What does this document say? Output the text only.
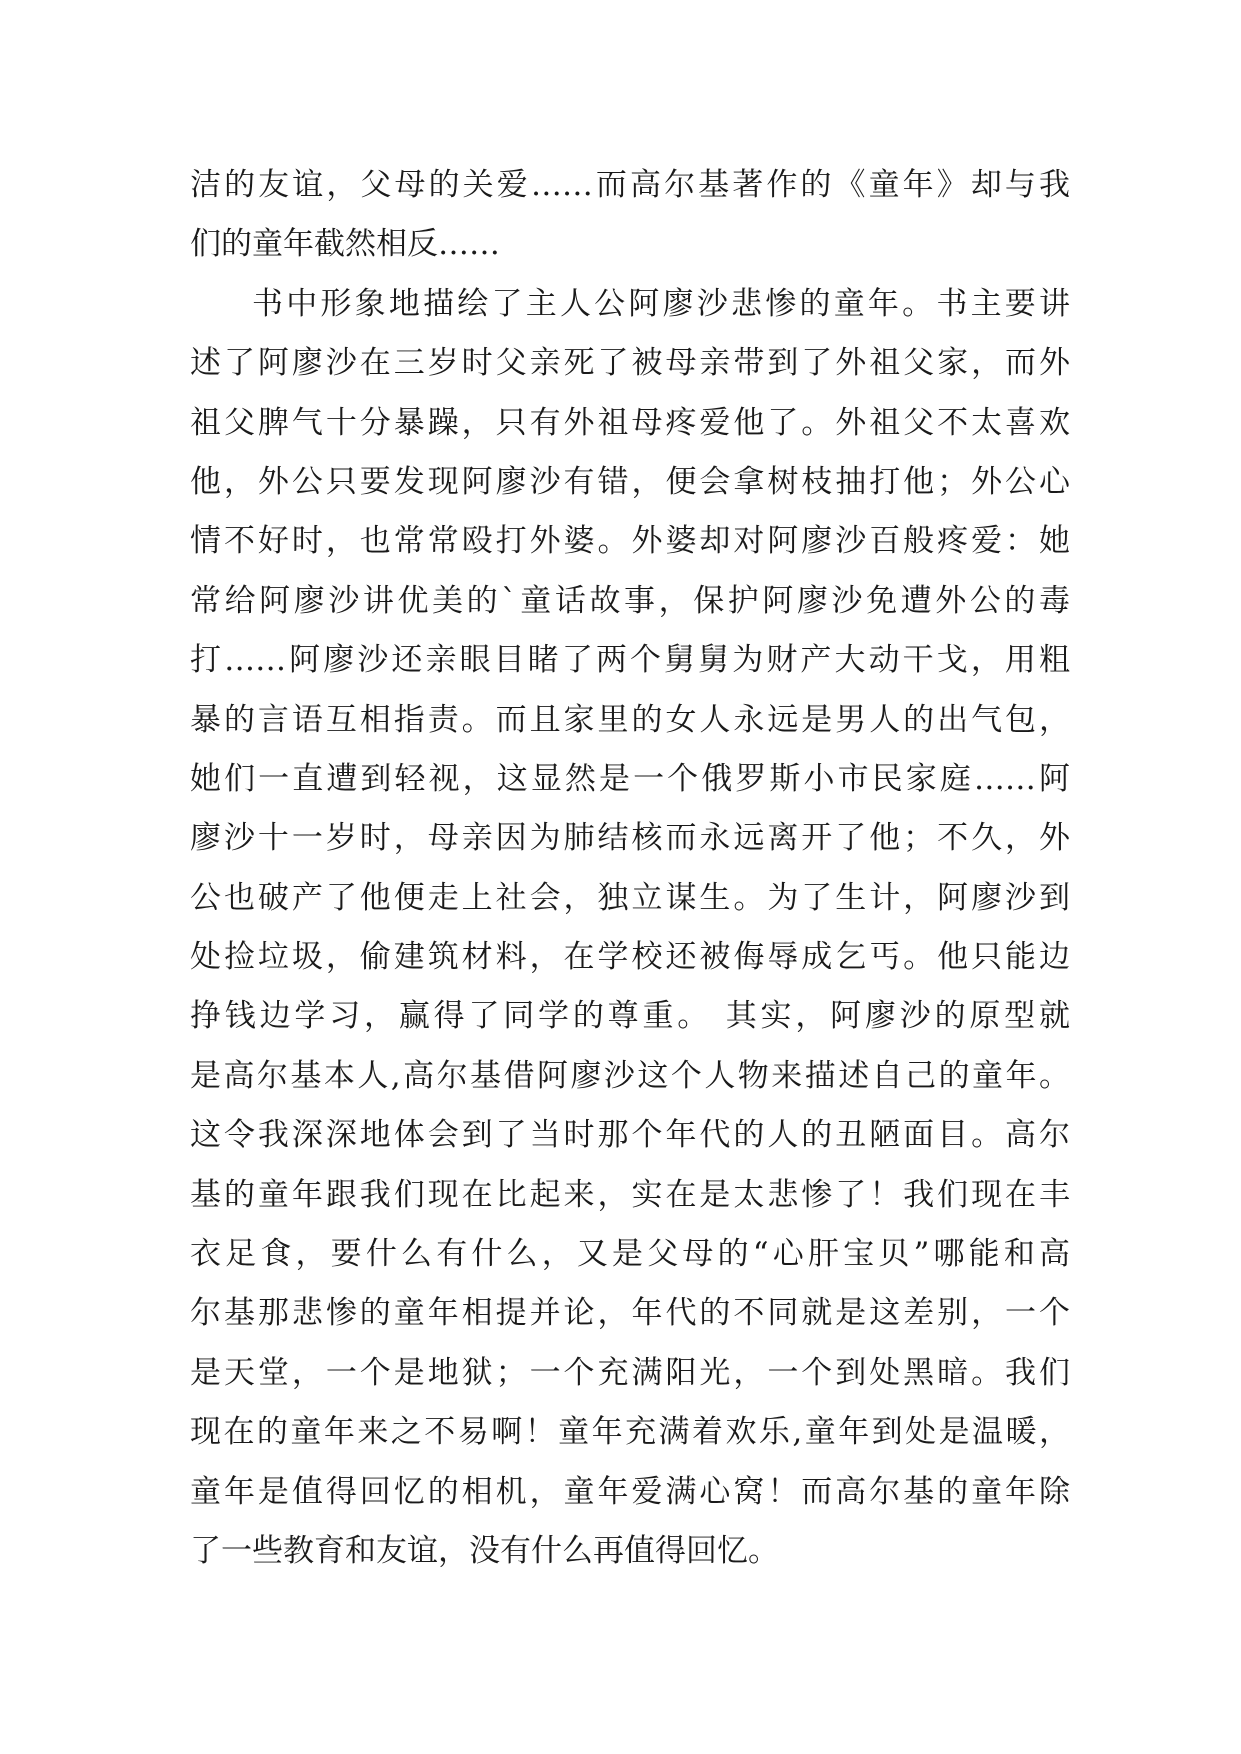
洁的友谊，父母的关爱……而高尔基著作的《童年》却与我
们的童年截然相反……
书中形象地描绘了主人公阿廖沙悲惨的童年。书主要讲
述了阿廖沙在三岁时父亲死了被母亲带到了外祖父家，而外
祖父脾气十分暴躁，只有外祖母疼爱他了。外祖父不太喜欢
他，外公只要发现阿廖沙有错，便会拿树枝抽打他；外公心
情不好时，也常常殴打外婆。外婆却对阿廖沙百般疼爱：她
常给阿廖沙讲优美的`童话故事，保护阿廖沙免遭外公的毒
打……阿廖沙还亲眼目睹了两个舅舅为财产大动干戈，用粗
暴的言语互相指责。而且家里的女人永远是男人的出气包，
她们一直遭到轻视，这显然是一个俄罗斯小市民家庭……阿
廖沙十一岁时，母亲因为肺结核而永远离开了他；不久，外
公也破产了他便走上社会，独立谋生。为了生计，阿廖沙到
处捡垃圾，偷建筑材料，在学校还被侮辱成乞丐。他只能边
挣钱边学习，赢得了同学的尊重。 其实，阿廖沙的原型就
是高尔基本人,高尔基借阿廖沙这个人物来描述自己的童年。
这令我深深地体会到了当时那个年代的人的丑陋面目。高尔
基的童年跟我们现在比起来，实在是太悲惨了！我们现在丰
衣足食，要什么有什么，又是父母的“心肝宝贝”哪能和高
尔基那悲惨的童年相提并论，年代的不同就是这差别，一个
是天堂，一个是地狱；一个充满阳光，一个到处黑暗。我们
现在的童年来之不易啊！童年充满着欢乐,童年到处是温暖，
童年是值得回忆的相机，童年爱满心窝！而高尔基的童年除
了一些教育和友谊，没有什么再值得回忆。
